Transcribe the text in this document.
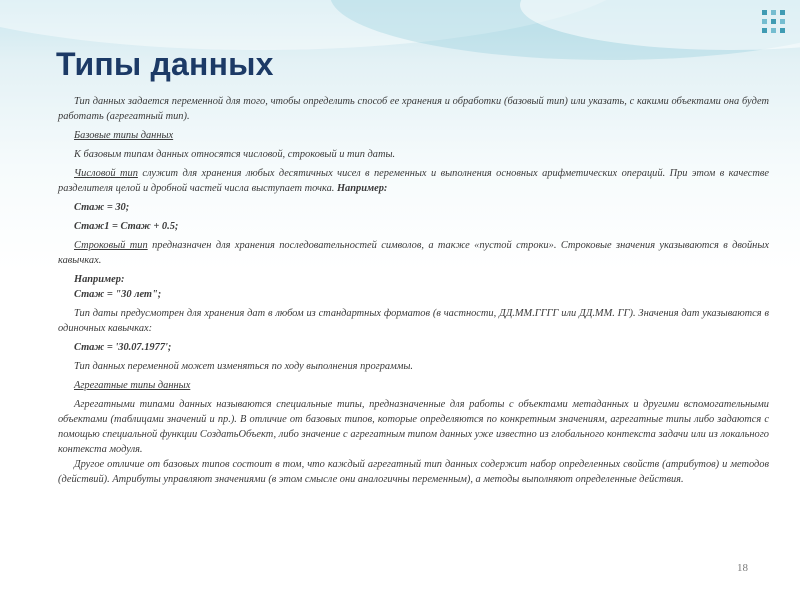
Типы данных

Тип данных задается переменной для того, чтобы определить способ ее хранения и обработки (базовый тип) или указать, с какими объектами она будет работать (агрегатный тип).

Базовые типы данных

К базовым типам данных относятся числовой, строковый и тип даты.

Числовой тип служит для хранения любых десятичных чисел в переменных и выполнения основных арифметических операций. При этом в качестве разделителя целой и дробной частей числа выступает точка. Например:

Стаж = 30;

Стаж1 = Стаж + 0.5;

Строковый тип предназначен для хранения последовательностей символов, а также «пустой строки». Строковые значения указываются в двойных кавычках.

Например:

Стаж = "30 лет";

Тип даты предусмотрен для хранения дат в любом из стандартных форматов (в частности, ДД.ММ.ГГГГ или ДД.ММ. ГГ). Значения дат указываются в одиночных кавычках:

Стаж = '30.07.1977';

Тип данных переменной может изменяться по ходу выполнения программы.

Агрегатные типы данных

Агрегатными типами данных называются специальные типы, предназначенные для работы с объектами метаданных и другими вспомогательными объектами (таблицами значений и пр.). В отличие от базовых типов, которые определяются по конкретным значениям, агрегатные типы либо задаются с помощью специальной функции СоздатьОбъект, либо значение с агрегатным типом данных уже известно из глобального контекста задачи или из локального контекста модуля.

Другое отличие от базовых типов состоит в том, что каждый агрегатный тип данных содержит набор определенных свойств (атрибутов) и методов (действий). Атрибуты управляют значениями (в этом смысле они аналогичны переменным), а методы выполняют определенные действия.

18
